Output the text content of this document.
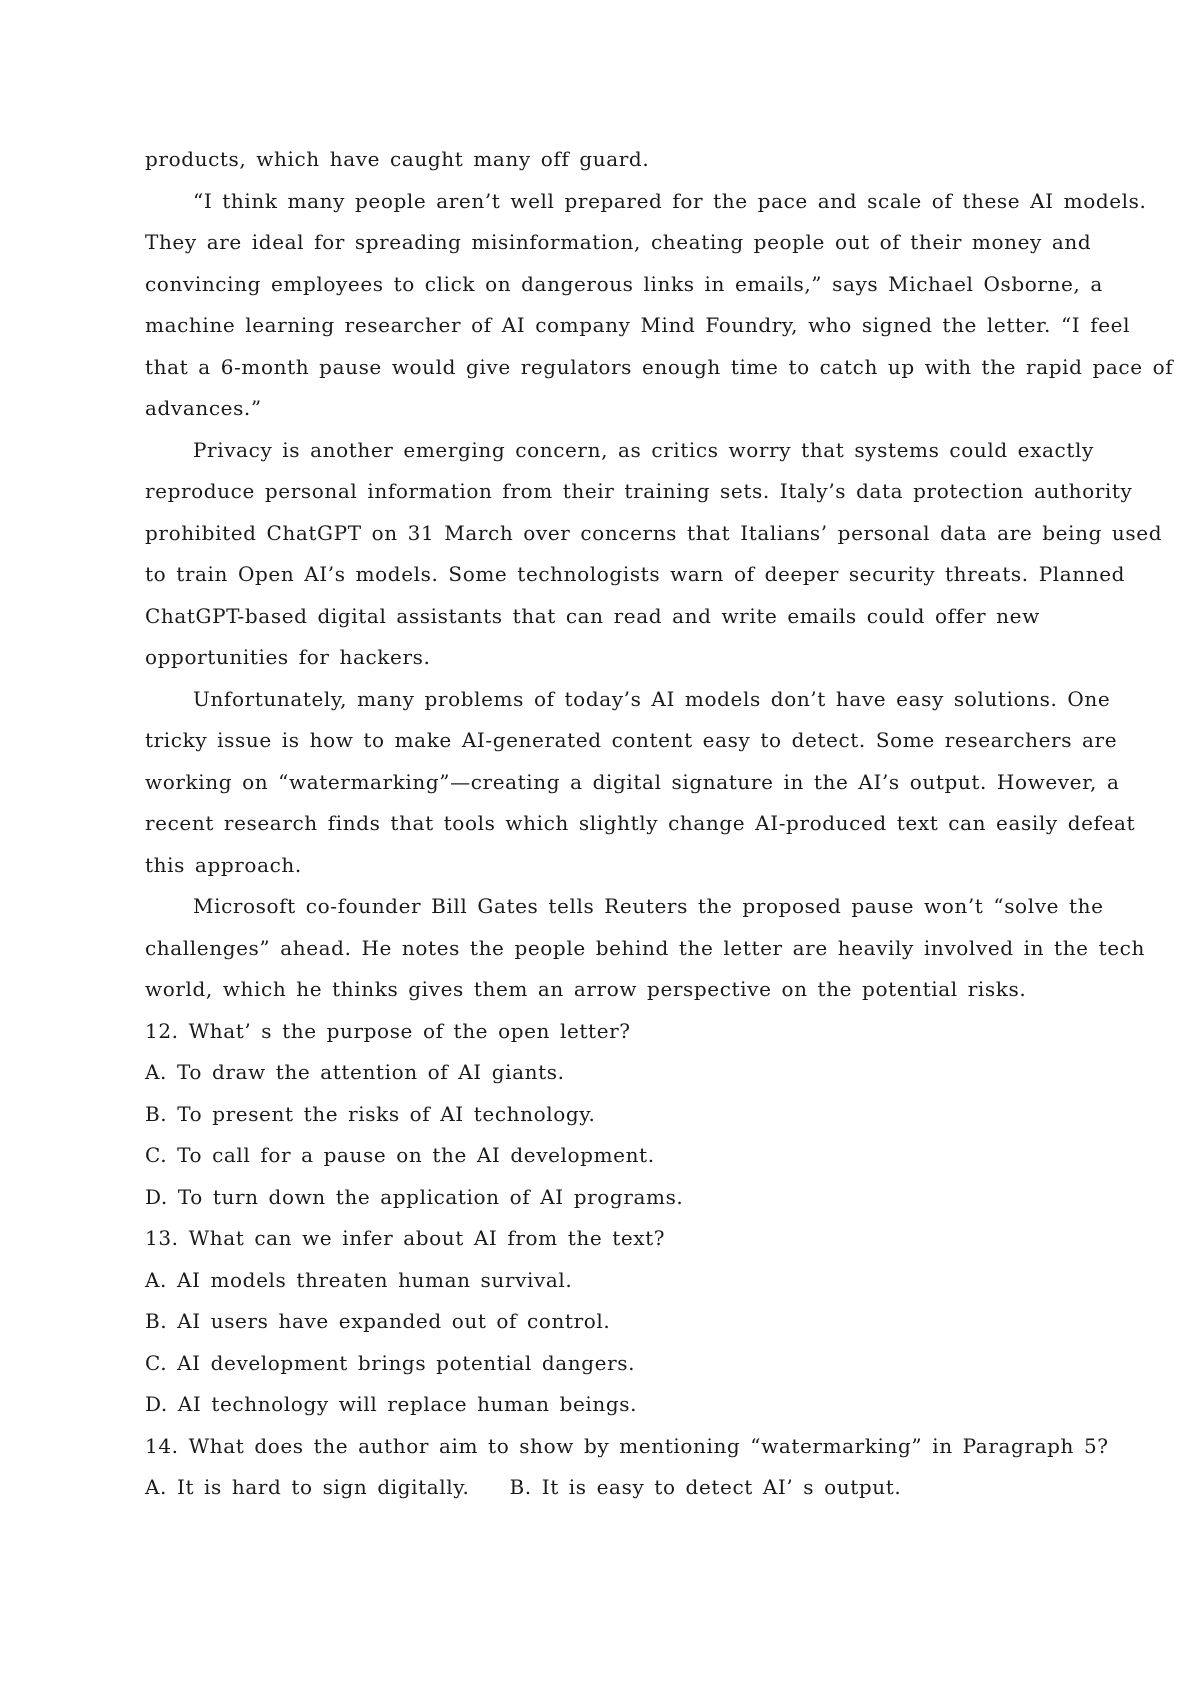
products, which have caught many off guard.

“I think many people aren’t well prepared for the pace and scale of these AI models. They are ideal for spreading misinformation, cheating people out of their money and convincing employees to click on dangerous links in emails,” says Michael Osborne, a machine learning researcher of AI company Mind Foundry, who signed the letter. “I feel that a 6-month pause would give regulators enough time to catch up with the rapid pace of advances.”

Privacy is another emerging concern, as critics worry that systems could exactly reproduce personal information from their training sets. Italy’s data protection authority prohibited ChatGPT on 31 March over concerns that Italians’ personal data are being used to train Open AI’s models. Some technologists warn of deeper security threats. Planned ChatGPT-based digital assistants that can read and write emails could offer new opportunities for hackers.

Unfortunately, many problems of today’s AI models don’t have easy solutions. One tricky issue is how to make AI-generated content easy to detect. Some researchers are working on “watermarking”—creating a digital signature in the AI’s output. However, a recent research finds that tools which slightly change AI-produced text can easily defeat this approach.

Microsoft co-founder Bill Gates tells Reuters the proposed pause won’t “solve the challenges” ahead. He notes the people behind the letter are heavily involved in the tech world, which he thinks gives them an arrow perspective on the potential risks.

12. What’ s the purpose of the open letter?

A. To draw the attention of AI giants.

B. To present the risks of AI technology.

C. To call for a pause on the AI development.

D. To turn down the application of AI programs.

13. What can we infer about AI from the text?

A. AI models threaten human survival.

B. AI users have expanded out of control.

C. AI development brings potential dangers.

D. AI technology will replace human beings.

14. What does the author aim to show by mentioning “watermarking” in Paragraph 5?

A. It is hard to sign digitally. B. It is easy to detect AI’ s output.
